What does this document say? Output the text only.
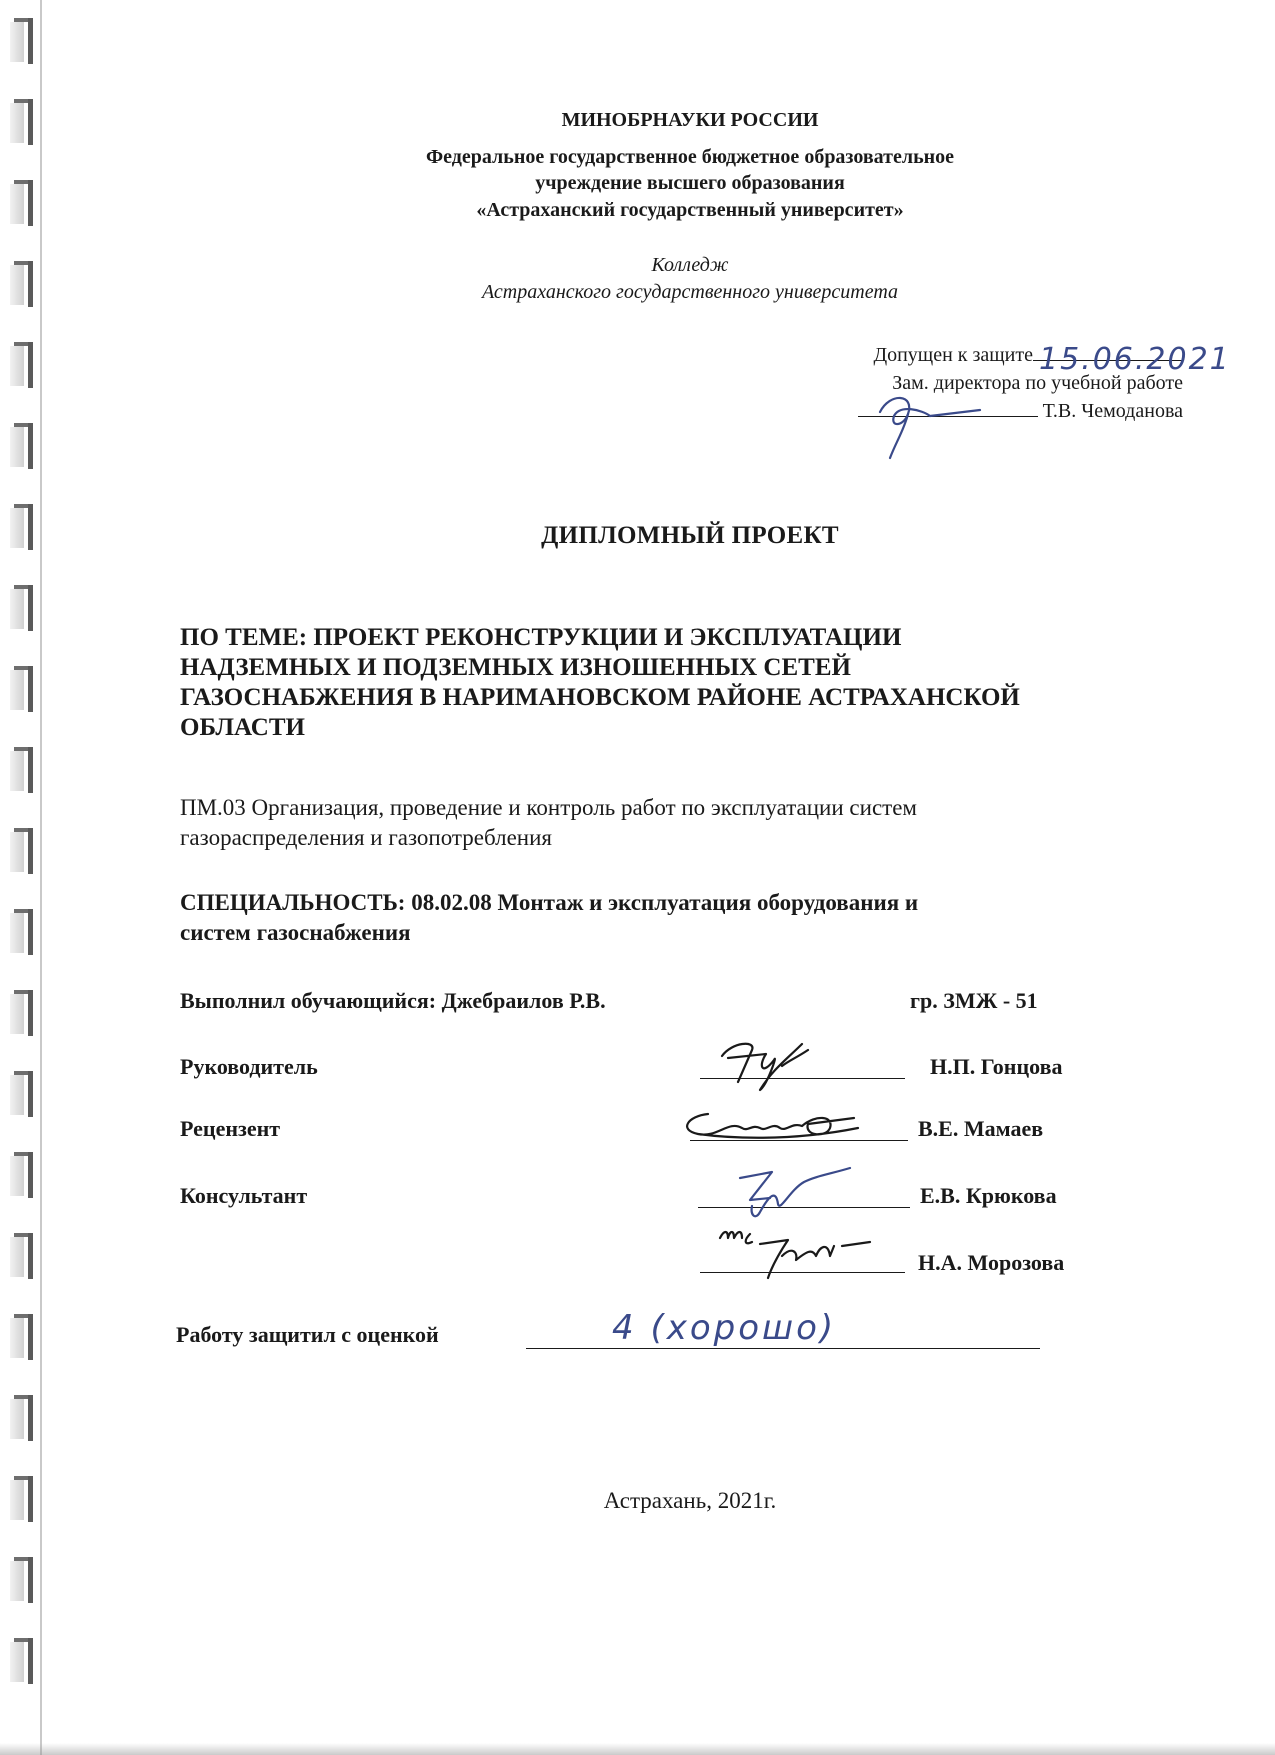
МИНОБРНАУКИ РОССИИ
Федеральное государственное бюджетное образовательное
учреждение высшего образования
«Астраханский государственный университет»
Колледж
Астраханского государственного университета
Допущен к защите 15.06.2021
Зам. директора по учебной работе
Т.В. Чемоданова
ДИПЛОМНЫЙ ПРОЕКТ
ПО ТЕМЕ: ПРОЕКТ РЕКОНСТРУКЦИИ И ЭКСПЛУАТАЦИИ
НАДЗЕМНЫХ И ПОДЗЕМНЫХ ИЗНОШЕННЫХ СЕТЕЙ
ГАЗОСНАБЖЕНИЯ В НАРИМАНОВСКОМ РАЙОНЕ АСТРАХАНСКОЙ
ОБЛАСТИ
ПМ.03 Организация, проведение и контроль работ по эксплуатации систем
газораспределения и газопотребления
СПЕЦИАЛЬНОСТЬ: 08.02.08 Монтаж и эксплуатация оборудования и
систем газоснабжения
Выполнил обучающийся: Джебраилов Р.В.	гр. ЗМЖ - 51
Руководитель	Н.П. Гонцова
Рецензент	В.Е. Мамаев
Консультант	Е.В. Крюкова
Н.А. Морозова
Работу защитил с оценкой	4 (хорошо)
Астрахань, 2021г.
